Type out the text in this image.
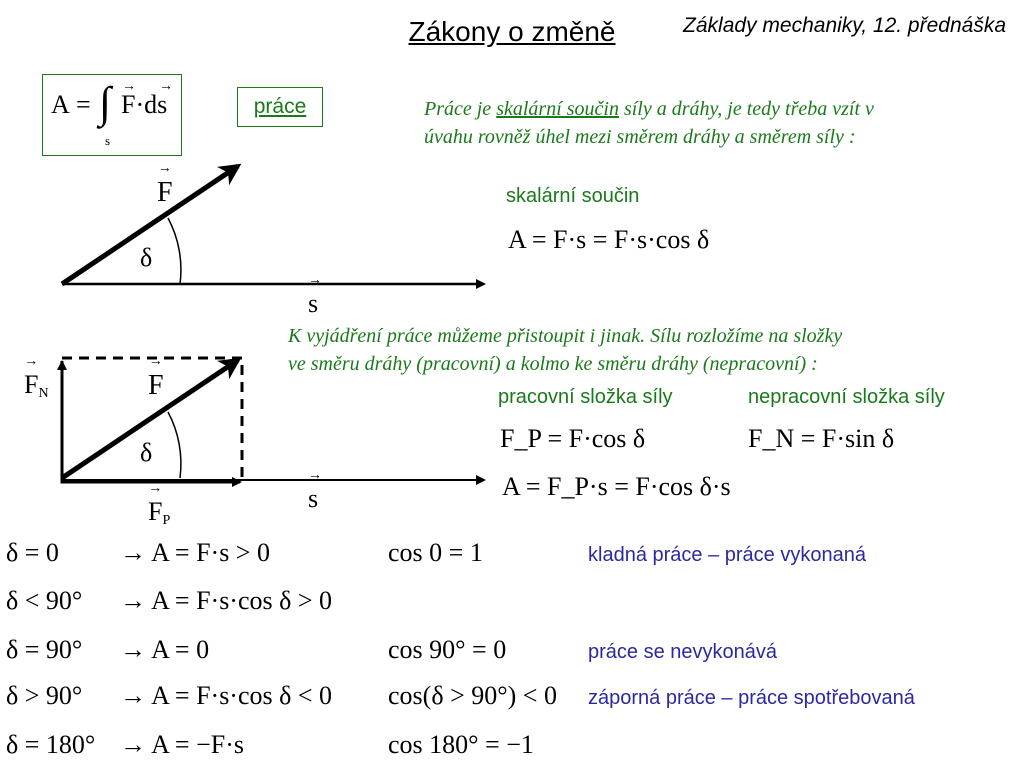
Zákony o změně	Základy mechaniky, 12. přednáška
A = ∫
s
F·ds
→ →
práce	Práce je skalární součin síly a dráhy, je tedy třeba vzít v
úvahu rovněž úhel mezi směrem dráhy a směrem síly :
skalární součin
A = F·s = F·s·cos δ
→ F
δ
→ s
K vyjádření práce můžeme přistoupit i jinak. Sílu rozložíme na složky
ve směru dráhy (pracovní) a kolmo ke směru dráhy (nepracovní) :
→ $F_N$
→	F
δ
→ $F_P$
→ s
pracovní složka síly	nepracovní složka síly
F_P = F·cos δ	F_N = F·sin δ
A = F_P·s = F·cos δ·s
δ = 0 → A = F·s > 0	cos 0 = 1	kladná práce – práce vykonaná
δ < 90° → A = F·s·cos δ > 0
δ = 90° → A = 0	cos 90° = 0	práce se nevykonává
δ > 90° → A = F·s·cos δ < 0 cos(δ > 90°) < 0 záporná práce – práce spotřebovaná
δ = 180° → A = −F·s	cos 180° = −1
